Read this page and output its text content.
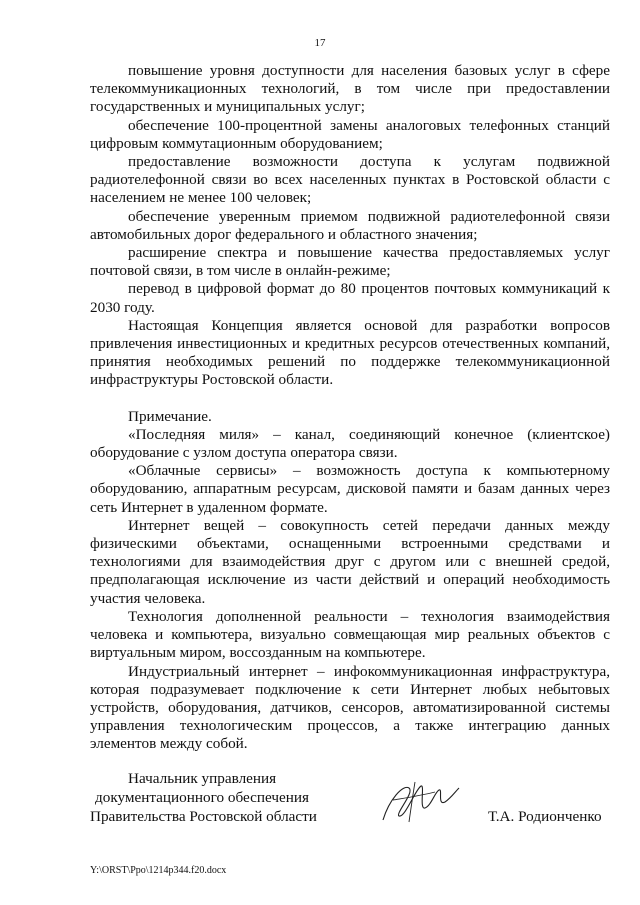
17

повышение уровня доступности для населения базовых услуг в сфере телекоммуникационных технологий, в том числе при предоставлении государственных и муниципальных услуг;

обеспечение 100-процентной замены аналоговых телефонных станций цифровым коммутационным оборудованием;

предоставление возможности доступа к услугам подвижной радиотелефонной связи во всех населенных пунктах в Ростовской области с населением не менее 100 человек;

обеспечение уверенным приемом подвижной радиотелефонной связи автомобильных дорог федерального и областного значения;

расширение спектра и повышение качества предоставляемых услуг почтовой связи, в том числе в онлайн-режиме;

перевод в цифровой формат до 80 процентов почтовых коммуникаций к 2030 году.

Настоящая Концепция является основой для разработки вопросов привлечения инвестиционных и кредитных ресурсов отечественных компаний, принятия необходимых решений по поддержке телекоммуникационной инфраструктуры Ростовской области.

Примечание.

«Последняя миля» – канал, соединяющий конечное (клиентское) оборудование с узлом доступа оператора связи.

«Облачные сервисы» – возможность доступа к компьютерному оборудованию, аппаратным ресурсам, дисковой памяти и базам данных через сеть Интернет в удаленном формате.

Интернет вещей – совокупность сетей передачи данных между физическими объектами, оснащенными встроенными средствами и технологиями для взаимодействия друг с другом или с внешней средой, предполагающая исключение из части действий и операций необходимость участия человека.

Технология дополненной реальности – технология взаимодействия человека и компьютера, визуально совмещающая мир реальных объектов с виртуальным миром, воссозданным на компьютере.

Индустриальный интернет – инфокоммуникационная инфраструктура, которая подразумевает подключение к сети Интернет любых небытовых устройств, оборудования, датчиков, сенсоров, автоматизированной системы управления технологическим процессов, а также интеграцию данных элементов между собой.

Начальник управления
документационного обеспечения
Правительства Ростовской области	Т.А. Родионченко
Y:\ORST\Ppo\1214p344.f20.docx
